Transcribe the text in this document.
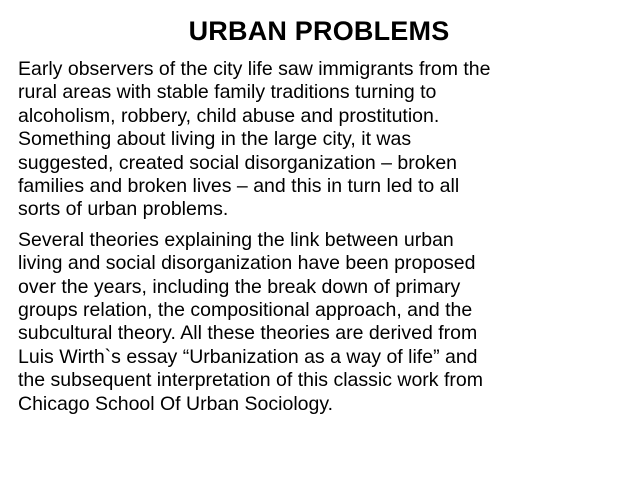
URBAN PROBLEMS

Early observers of the city life saw immigrants from the
rural areas with stable family traditions turning to
alcoholism, robbery, child abuse and prostitution.
Something about living in the large city, it was
suggested, created social disorganization – broken
families and broken lives – and this in turn led to all
sorts of urban problems.

Several theories explaining the link between urban
living and social disorganization have been proposed
over the years, including the break down of primary
groups relation, the compositional approach, and the
subcultural theory. All these theories are derived from
Luis Wirth`s essay “Urbanization as a way of life” and
the subsequent interpretation of this classic work from
Chicago School Of Urban Sociology.
